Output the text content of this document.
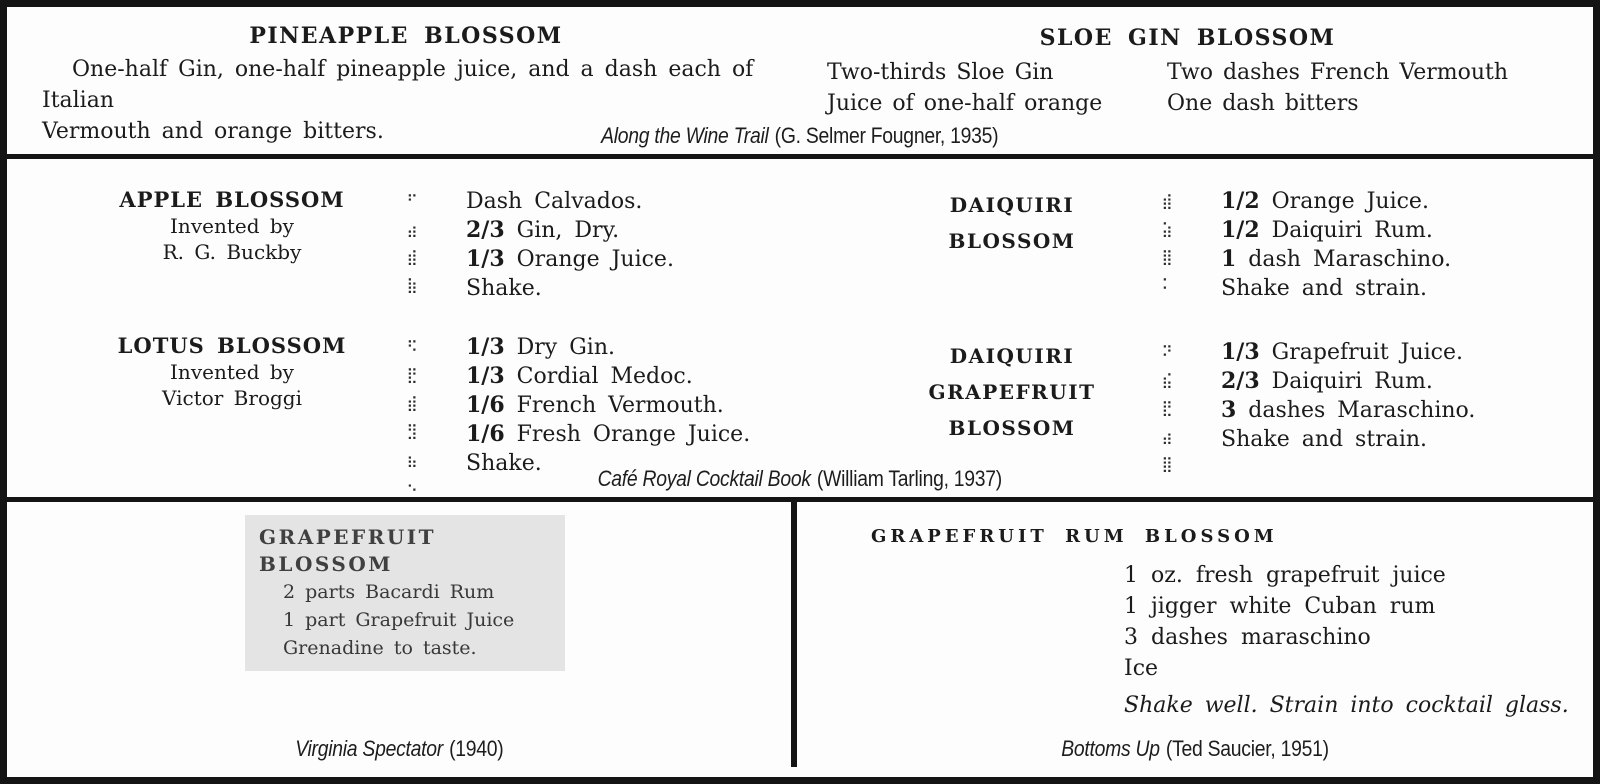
PINEAPPLE BLOSSOM

One-half Gin, one-half pineapple juice, and a dash each of Italian
Vermouth and orange bitters.

SLOE GIN BLOSSOM
Two-thirds Sloe Gin
Juice of one-half orange
Two dashes French Vermouth
One dash bitters
Along the Wine Trail (G. Selmer Fougner, 1935)
APPLE BLOSSOM
Invented by
R. G. Buckby
⠋
⣴
⣾
⣷
Dash Calvados.
2/3 Gin, Dry.
1/3 Orange Juice.
Shake.
LOTUS BLOSSOM
Invented by
Victor Broggi
⠫
⣟
⣾
⣻
⣦
⠢
1/3 Dry Gin.
1/3 Cordial Medoc.
1/6 French Vermouth.
1/6 Fresh Orange Juice.
Shake.
DAIQUIRI
BLOSSOM
⣾
⣵
⣿
⠅
1/2 Orange Juice.
1/2 Daiquiri Rum.
1 dash Maraschino.
Shake and strain.
DAIQUIRI
GRAPEFRUIT
BLOSSOM
⠝
⣮
⣟
⣴
⣿
1/3 Grapefruit Juice.
2/3 Daiquiri Rum.
3 dashes Maraschino.
Shake and strain.
Café Royal Cocktail Book (William Tarling, 1937)
GRAPEFRUIT BLOSSOM
2 parts Bacardi Rum
1 part Grapefruit Juice
Grenadine to taste.
Virginia Spectator (1940)
GRAPEFRUIT RUM BLOSSOM
1 oz. fresh grapefruit juice
1 jigger white Cuban rum
3 dashes maraschino
Ice
Shake well. Strain into cocktail glass.
Bottoms Up (Ted Saucier, 1951)
